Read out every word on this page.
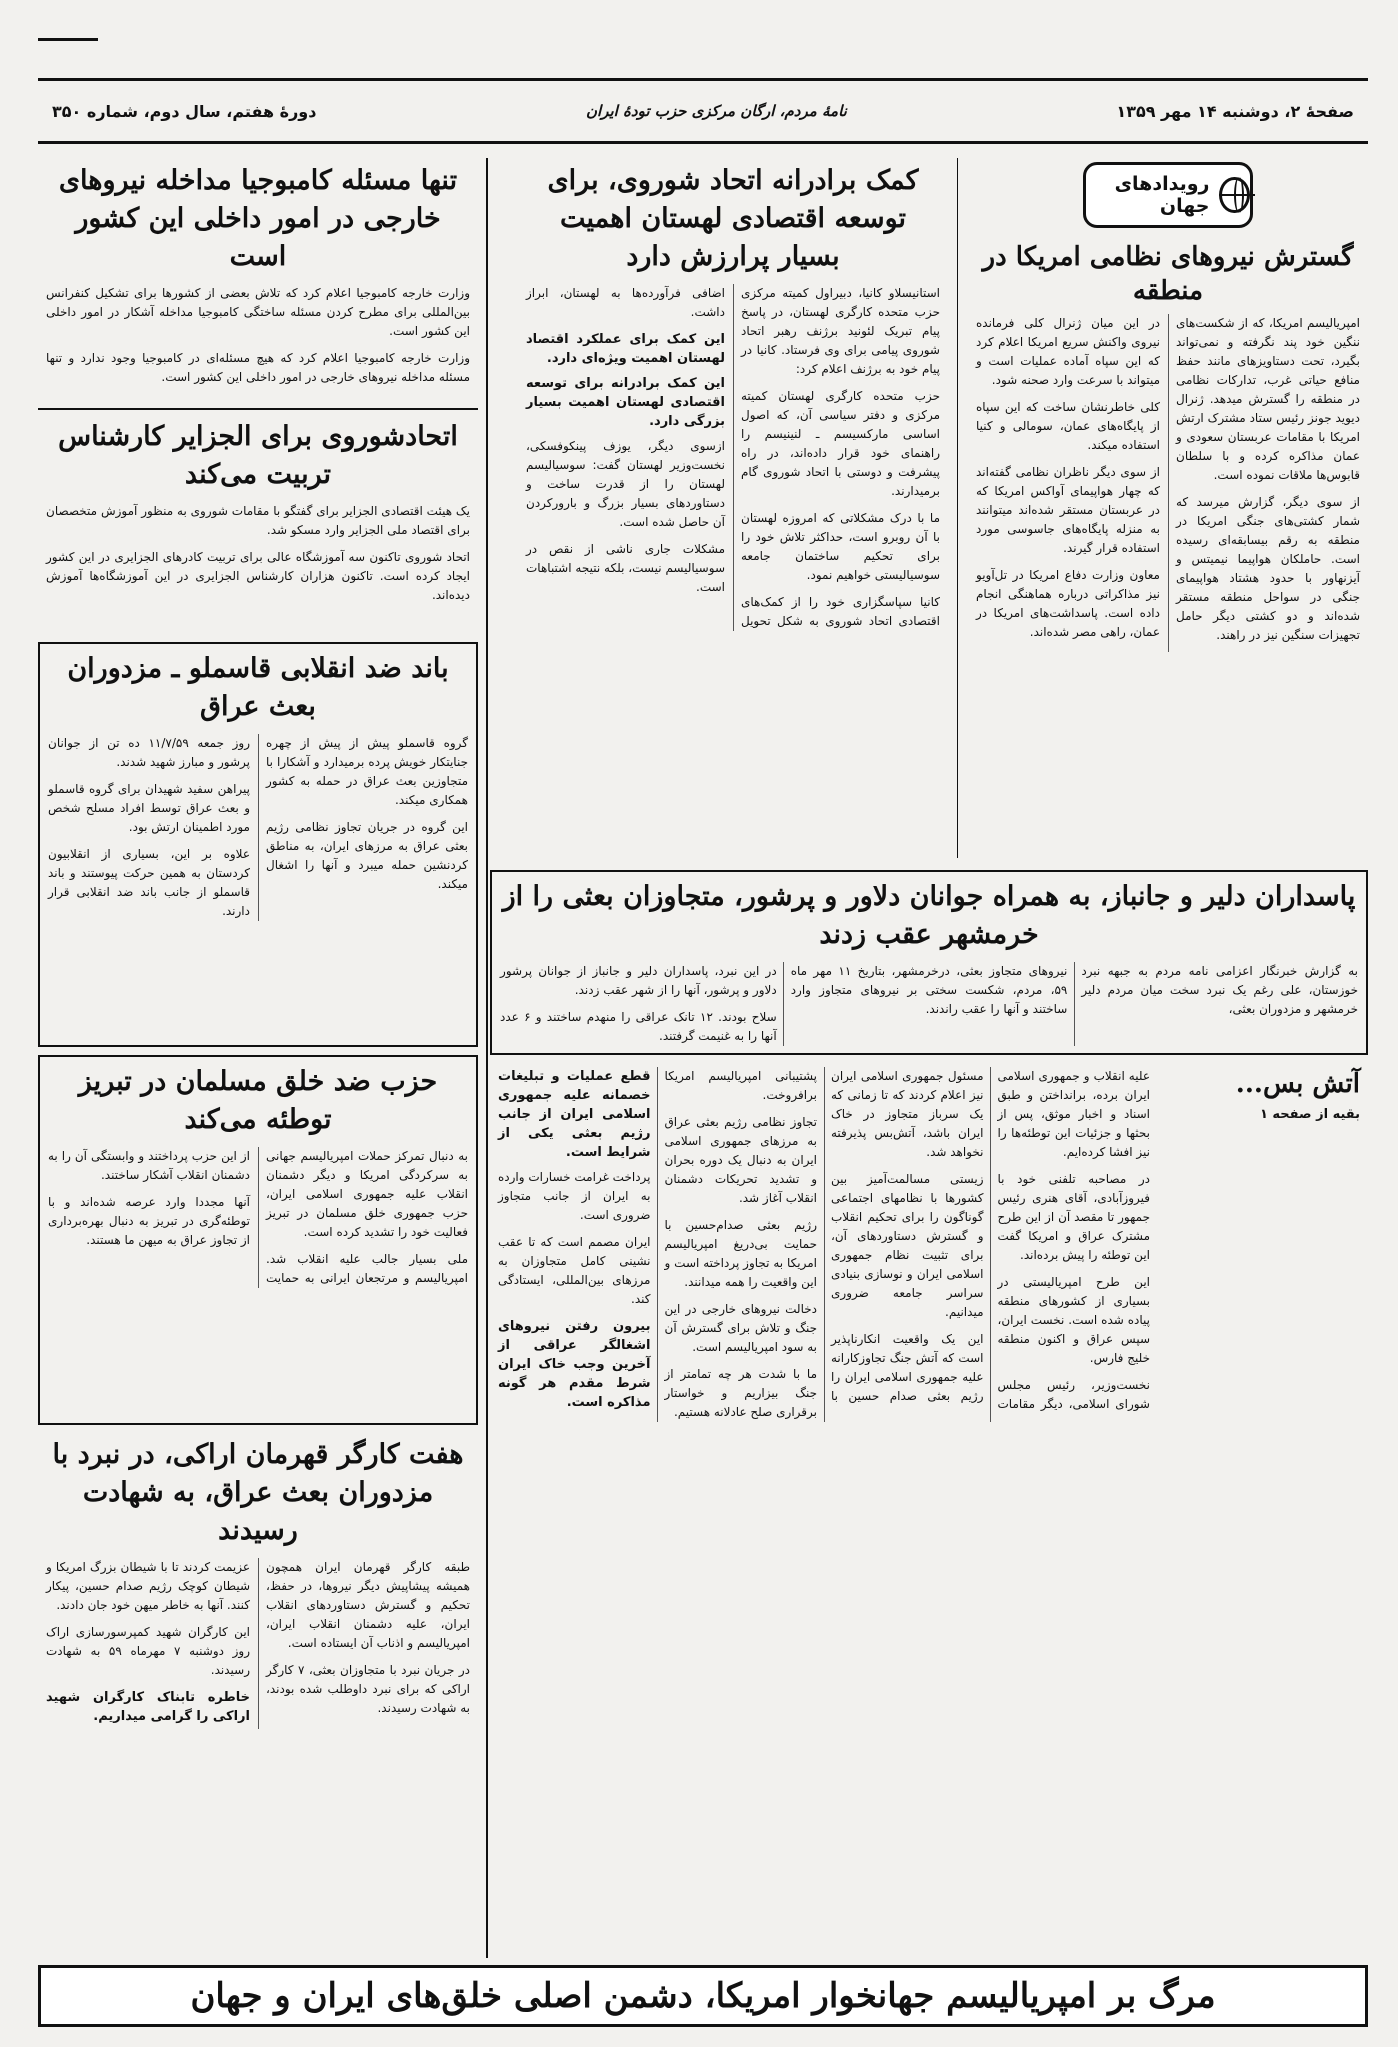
صفحهٔ ۲، دوشنبه ۱۴ مهر ۱۳۵۹
نامهٔ مردم، ارگان مرکزی حزب تودهٔ ایران
دورهٔ هفتم، سال دوم، شماره ۳۵۰
رویدادهای جهان
گسترش نیروهای نظامی امریکا در منطقه

امپریالیسم امریکا، که از شکست‌های ننگین خود پند نگرفته و نمی‌تواند بگیرد، تحت دستاویزهای مانند حفظ منافع حیاتی غرب، تدارکات نظامی در منطقه را گسترش میدهد. ژنرال دیوید جونز رئیس ستاد مشترک ارتش امریکا با مقامات عربستان سعودی و عمان مذاکره کرده و با سلطان قابوس‌ها ملاقات نموده است.

از سوی دیگر، گزارش میرسد که شمار کشتی‌های جنگی امریکا در منطقه به رقم بیسابقه‌ای رسیده است. حاملکان هواپیما نیمیتس و آیزنهاور با حدود هشتاد هواپیمای جنگی در سواحل منطقه مستقر شده‌اند و دو کشتی دیگر حامل تجهیزات سنگین نیز در راهند.

در این میان ژنرال کلی فرمانده نیروی واکنش سریع امریکا اعلام کرد که این سپاه آماده عملیات است و میتواند با سرعت وارد صحنه شود.

کلی خاطرنشان ساخت که این سپاه از پایگاه‌های عمان، سومالی و کنیا استفاده میکند.

از سوی دیگر ناظران نظامی گفته‌اند که چهار هواپیمای آواکس امریکا که در عربستان مستقر شده‌اند میتوانند به منزله پایگاه‌های جاسوسی مورد استفاده قرار گیرند.

معاون وزارت دفاع امریکا در تل‌آویو نیز مذاکراتی درباره هماهنگی انجام داده است. پاسداشت‌های امریکا در عمان، راهی مصر شده‌اند.

کمک برادرانه اتحاد شوروی، برای توسعه اقتصادی لهستان اهمیت بسیار پرارزش دارد

استانیسلاو کانیا، دبیراول کمیته مرکزی حزب متحده کارگری لهستان، در پاسخ پیام تبریک لئونید برژنف رهبر اتحاد شوروی پیامی برای وی فرستاد. کانیا در پیام خود به برژنف اعلام کرد:

حزب متحده کارگری لهستان کمیته مرکزی و دفتر سیاسی آن، که اصول اساسی مارکسیسم ـ لنینیسم را راهنمای خود قرار داده‌اند، در راه پیشرفت و دوستی با اتحاد شوروی گام برمیدارند.

ما با درک مشکلاتی که امروزه لهستان با آن روبرو است، حداکثر تلاش خود را برای تحکیم ساختمان جامعه سوسیالیستی خواهیم نمود.

کانیا سپاسگزاری خود را از کمک‌های اقتصادی اتحاد شوروی به شکل تحویل اضافی فرآورده‌ها به لهستان، ابراز داشت.

این کمک برای عملکرد اقتصاد لهستان اهمیت ویژه‌ای دارد.

این کمک برادرانه برای توسعه اقتصادی لهستان اهمیت بسیار بزرگی دارد.

ازسوی دیگر، یوزف پینکوفسکی، نخست‌وزیر لهستان گفت: سوسیالیسم لهستان را از قدرت ساخت و دستاوردهای بسیار بزرگ و بارورکردن آن حاصل شده است.

مشکلات جاری ناشی از نقص در سوسیالیسم نیست، بلکه نتیجه اشتباهات است.

تنها مسئله کامبوجیا مداخله نیروهای خارجی در امور داخلی این کشور است

وزارت خارجه کامبوجیا اعلام کرد که تلاش بعضی از کشورها برای تشکیل کنفرانس بین‌المللی برای مطرح کردن مسئله ساختگی کامبوجیا مداخله آشکار در امور داخلی این کشور است.

وزارت خارجه کامبوجیا اعلام کرد که هیچ مسئله‌ای در کامبوجیا وجود ندارد و تنها مسئله مداخله نیروهای خارجی در امور داخلی این کشور است.

اتحادشوروی برای الجزایر کارشناس تربیت می‌کند

یک هیئت اقتصادی الجزایر برای گفتگو با مقامات شوروی به منظور آموزش متخصصان برای اقتصاد ملی الجزایر وارد مسکو شد.

اتحاد شوروی تاکنون سه آموزشگاه عالی برای تربیت کادرهای الجزایری در این کشور ایجاد کرده است. تاکنون هزاران کارشناس الجزایری در این آموزشگاه‌ها آموزش دیده‌اند.

باند ضد انقلابی قاسملو ـ مزدوران بعث عراق

گروه قاسملو پیش از پیش از چهره جنایتکار خویش پرده برمیدارد و آشکارا با متجاوزین بعث عراق در حمله به کشور همکاری میکند.

این گروه در جریان تجاوز نظامی رژیم بعثی عراق به مرزهای ایران، به مناطق کردنشین حمله میبرد و آنها را اشغال میکند.

روز جمعه ۱۱/۷/۵۹ ده تن از جوانان پرشور و مبارز شهید شدند.

پیراهن سفید شهیدان برای گروه قاسملو و بعث عراق توسط افراد مسلح شخص مورد اطمینان ارتش بود.

علاوه بر این، بسیاری از انقلابیون کردستان به همین حرکت پیوستند و باند قاسملو از جانب باند ضد انقلابی قرار دارند.	پاسداران دلیر و جانباز، به همراه جوانان دلاور و پرشور، متجاوزان بعثی را از خرمشهر عقب زدند

به گزارش خبرنگار اعزامی نامه مردم به جبهه نبرد خوزستان، علی رغم یک نبرد سخت میان مردم دلیر خرمشهر و مزدوران بعثی،

نیروهای متجاوز بعثی، درخرمشهر، بتاریخ ۱۱ مهر ماه ۵۹، مردم، شکست سختی بر نیروهای متجاوز وارد ساختند و آنها را عقب راندند.

در این نبرد، پاسداران دلیر و جانباز از جوانان پرشور دلاور و پرشور، آنها را از شهر عقب زدند.

سلاح بودند. ۱۲ تانک عراقی را منهدم ساختند و ۶ عدد آنها را به غنیمت گرفتند.

حزب ضد خلق مسلمان در تبریز توطئه می‌کند

به دنبال تمرکز حملات امپریالیسم جهانی به سرکردگی امریکا و دیگر دشمنان انقلاب علیه جمهوری اسلامی ایران، حزب جمهوری خلق مسلمان در تبریز فعالیت خود را تشدید کرده است.

ملی بسیار جالب علیه انقلاب شد. امپریالیسم و مرتجعان ایرانی به حمایت از این حزب پرداختند و وابستگی آن را به دشمنان انقلاب آشکار ساختند.

آنها مجددا وارد عرصه شده‌اند و با توطئه‌گری در تبریز به دنبال بهره‌برداری از تجاوز عراق به میهن ما هستند.

هفت کارگر قهرمان اراکی، در نبرد با مزدوران بعث عراق، به شهادت رسیدند

طبقه کارگر قهرمان ایران همچون همیشه پیشاپیش دیگر نیروها، در حفظ، تحکیم و گسترش دستاوردهای انقلاب ایران، علیه دشمنان انقلاب ایران، امپریالیسم و اذناب آن ایستاده است.

در جریان نبرد با متجاوزان بعثی، ۷ کارگر اراکی که برای نبرد داوطلب شده بودند، به شهادت رسیدند.

عزیمت کردند تا با شیطان بزرگ امریکا و شیطان کوچک رژیم صدام حسین، پیکار کنند. آنها به خاطر میهن خود جان دادند.

این کارگران شهید کمپرسورسازی اراک روز دوشنبه ۷ مهرماه ۵۹ به شهادت رسیدند.

خاطره تابناک کارگران شهید اراکی را گرامی میداریم.

آتش بس...
بقیه از صفحه ۱

علیه انقلاب و جمهوری اسلامی ایران برده، برانداختن و طبق اسناد و اخبار موثق، پس از بحثها و جزئیات این توطئه‌ها را نیز افشا کرده‌ایم.

در مصاحبه تلفنی خود با فیروزآبادی، آقای هنری رئیس جمهور تا مقصد آن از این طرح مشترک عراق و امریکا گفت این توطئه را پیش برده‌اند.

این طرح امپریالیستی در بسیاری از کشورهای منطقه پیاده شده است. نخست ایران، سپس عراق و اکنون منطقه خلیج فارس.

نخست‌وزیر، رئیس مجلس شورای اسلامی، دیگر مقامات مسئول جمهوری اسلامی ایران نیز اعلام کردند که تا زمانی که یک سرباز متجاوز در خاک ایران باشد، آتش‌بس پذیرفته نخواهد شد.

زیستی مسالمت‌آمیز بین کشورها با نظامهای اجتماعی گوناگون را برای تحکیم انقلاب و گسترش دستاوردهای آن، برای تثبیت نظام جمهوری اسلامی ایران و نوسازی بنیادی سراسر جامعه ضروری میدانیم.

این یک واقعیت انکارناپذیر است که آتش جنگ تجاوزکارانه علیه جمهوری اسلامی ایران را رژیم بعثی صدام حسین با پشتیبانی امپریالیسم امریکا برافروخت.

تجاوز نظامی رژیم بعثی عراق به مرزهای جمهوری اسلامی ایران به دنبال یک دوره بحران و تشدید تحریکات دشمنان انقلاب آغاز شد.

رژیم بعثی صدام‌حسین با حمایت بی‌دریغ امپریالیسم امریکا به تجاوز پرداخته است و این واقعیت را همه میدانند.

دخالت نیروهای خارجی در این جنگ و تلاش برای گسترش آن به سود امپریالیسم است.

ما با شدت هر چه تمامتر از جنگ بیزاریم و خواستار برقراری صلح عادلانه هستیم.

قطع عملیات و تبلیغات خصمانه علیه جمهوری اسلامی ایران از جانب رژیم بعثی یکی از شرایط است.

پرداخت غرامت خسارات وارده به ایران از جانب متجاوز ضروری است.

ایران مصمم است که تا عقب نشینی کامل متجاوزان به مرزهای بین‌المللی، ایستادگی کند.

بیرون رفتن نیروهای اشغالگر عراقی از آخرین وجب خاک ایران شرط مقدم هر گونه مذاکره است.

مرگ بر امپریالیسم جهانخوار امریکا، دشمن اصلی خلق‌های ایران و جهان
